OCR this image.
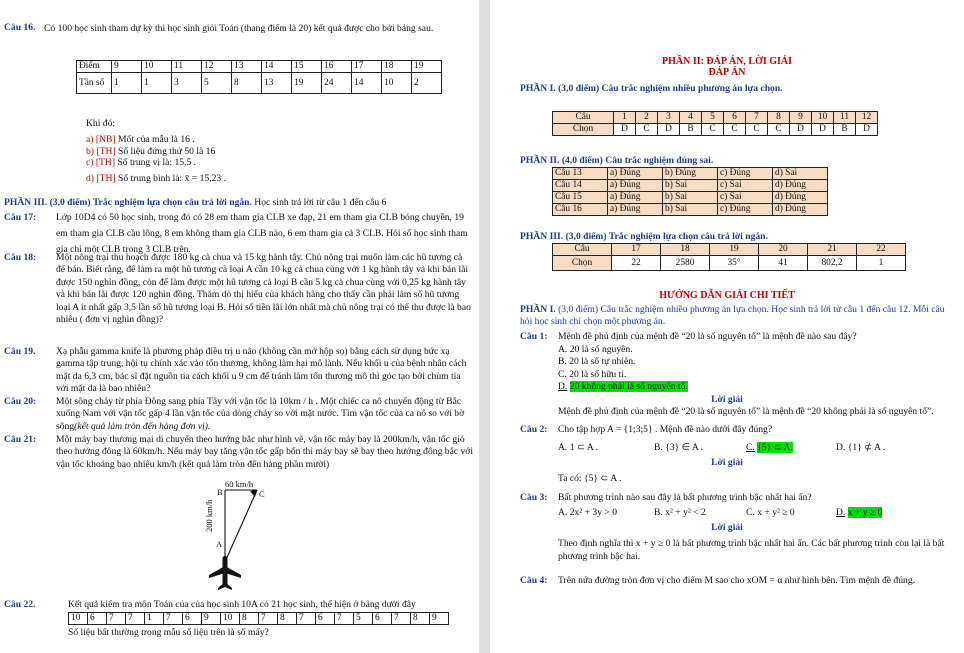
Câu 16. Có 100 học sinh tham dự kỳ thi học sinh giỏi Toán (thang điểm là 20) kết quả được cho bởi bảng sau.
Điểm	9	10	11	12	13	14	15	16	17	18	19
Tần số	1	1	3	5	8	13	19	24	14	10	2
Khi đó:
a) [NB] Mốt của mẫu là 16 .
b) [TH] Số liệu đứng thứ 50 là 16
c) [TH] Số trung vị là: 15,5 .
d) [TH] Số trung bình là: x̄ = 15,23 .
PHẦN III. (3,0 điểm) Trắc nghiệm lựa chọn câu trả lời ngắn. Học sinh trả lời từ câu 1 đến câu 6
Câu 17: Lớp 10D4 có 50 học sinh, trong đó có 28 em tham gia CLB xe đạp, 21 em tham gia CLB bóng chuyền, 19 em tham gia CLB cầu lông, 8 em không tham gia CLB nào, 6 em tham gia cả 3 CLB. Hỏi số học sinh tham gia chỉ một CLB trong 3 CLB trên.
Câu 18: Một nông trại thu hoạch được 180 kg cà chua và 15 kg hành tây. Chủ nông trại muốn làm các hũ tương cà để bán. Biết rằng, để làm ra một hũ tương cà loại A cần 10 kg cà chua cùng với 1 kg hành tây và khi bán lãi được 150 nghìn đồng, còn để làm được một hũ tương cà loại B cần 5 kg cà chua cùng với 0,25 kg hành tây và khi bán lãi được 120 nghìn đồng. Thăm dò thị hiếu của khách hàng cho thấy cần phải làm số hũ tương loại A ít nhất gấp 3,5 lần số hũ tương loại B. Hỏi số tiền lãi lớn nhất mà chủ nông trại có thể thu được là bao nhiêu ( đơn vị nghìn đồng)?
Câu 19. Xạ phẫu gamma knife là phương pháp điều trị u não (không cần mở hộp sọ) bằng cách sử dụng bức xạ gamma tập trung, hội tụ chính xác vào tổn thương, không làm hại mô lành. Nếu khối u của bệnh nhân cách mặt da 6,3 cm, bác sĩ đặt nguồn tia cách khối u 9 cm để tránh làm tổn thương mô thì góc tạo bởi chùm tia với mặt da là bao nhiêu?
Câu 20: Một sông chảy từ phía Đông sang phía Tây với vận tốc là 10km / h . Một chiếc ca nô chuyển động từ Bắc xuống Nam với vận tốc gấp 4 lần vận tốc của dòng chảy so với mặt nước. Tìm vận tốc của ca nô so với bờ sông(kết quả làm tròn đến hàng đơn vị).
Câu 21: Một máy bay thương mại di chuyển theo hướng bắc như hình vẽ, vận tốc máy bay là 200km/h, vận tốc gió theo hướng đông là 60km/h. Nếu máy bay tăng vận tốc gấp bốn thì máy bay sẽ bay theo hướng đông bắc với vận tốc khoảng bao nhiêu km/h (kết quả làm tròn đến hàng phần mười)
60 km/h
200 km/h
B	C
A
Câu 22.	Kết quả kiểm tra môn Toán của của học sinh 10A có 21 học sinh, thể hiện ở bảng dưới đây
10	6	7	7	1	7	6	9	10	8	7	8	7	6	7	5	6	7	8	9
Số liệu bất thường trong mẫu số liệu trên là số mấy?
PHẦN II: ĐÁP ÁN, LỜI GIẢI
ĐÁP ÁN
PHẦN I. (3,0 điểm) Câu trắc nghiệm nhiều phương án lựa chọn.
Câu	1	2	3	4	5	6	7	8	9	10	11	12
Chọn	D	C	D	B	C	C	C	C	D	D	B	D
PHẦN II. (4,0 điểm) Câu trắc nghiệm đúng sai.
Câu 13	a) Đúng	b) Đúng	c) Đúng	d) Sai
Câu 14	a) Đúng	b) Sai	c) Sai	d) Đúng
Câu 15	a) Đúng	b) Sai	c) Sai	d) Đúng
Câu 16	a) Đúng	b) Sai	c) Đúng	d) Đúng
PHẦN III. (3,0 điểm) Trắc nghiệm lựa chọn câu trả lời ngắn.
Câu	17	18	19	20	21	22
Chọn	22	2580	35°	41	802,2	1
HƯỚNG DẪN GIẢI CHI TIẾT
PHẦN I. (3,0 điểm) Câu trắc nghiệm nhiều phương án lựa chọn. Học sinh trả lời từ câu 1 đến câu 12. Mỗi câu hỏi học sinh chỉ chọn một phương án.
Câu 1: Mệnh đề phủ định của mệnh đề “20 là số nguyên tố” là mệnh đề nào sau đây?
A. 20 là số nguyên.
B. 20 là số tự nhiên.
C. 20 là số hữu tỉ.
D. 20 không phải là số nguyên tố.
Lời giải
Mệnh đề phủ định của mệnh đề “20 là số nguyên tố” là mệnh đề “20 không phải là số nguyên tố”.
Câu 2: Cho tập hợp A = {1;3;5} . Mệnh đề nào dưới đây đúng?
A. 1 ⊂ A .	B. {3} ∈ A .	C. {5} ⊂ A.	D. {1} ⊄ A .
Lời giải
Ta có: {5} ⊂ A .
Câu 3: Bất phương trình nào sau đây là bất phương trình bậc nhất hai ẩn?
A. 2x² + 3y > 0	B. x² + y² < 2	C. x + y² ≥ 0	D. x + y ≥ 0
Lời giải
Theo định nghĩa thì x + y ≥ 0 là bất phương trình bậc nhất hai ẩn. Các bất phương trình còn lại là bất phương trình bậc hai.
Câu 4: Trên nửa đường tròn đơn vị cho điểm M sao cho xOM = α như hình bên. Tìm mệnh đề đúng.
